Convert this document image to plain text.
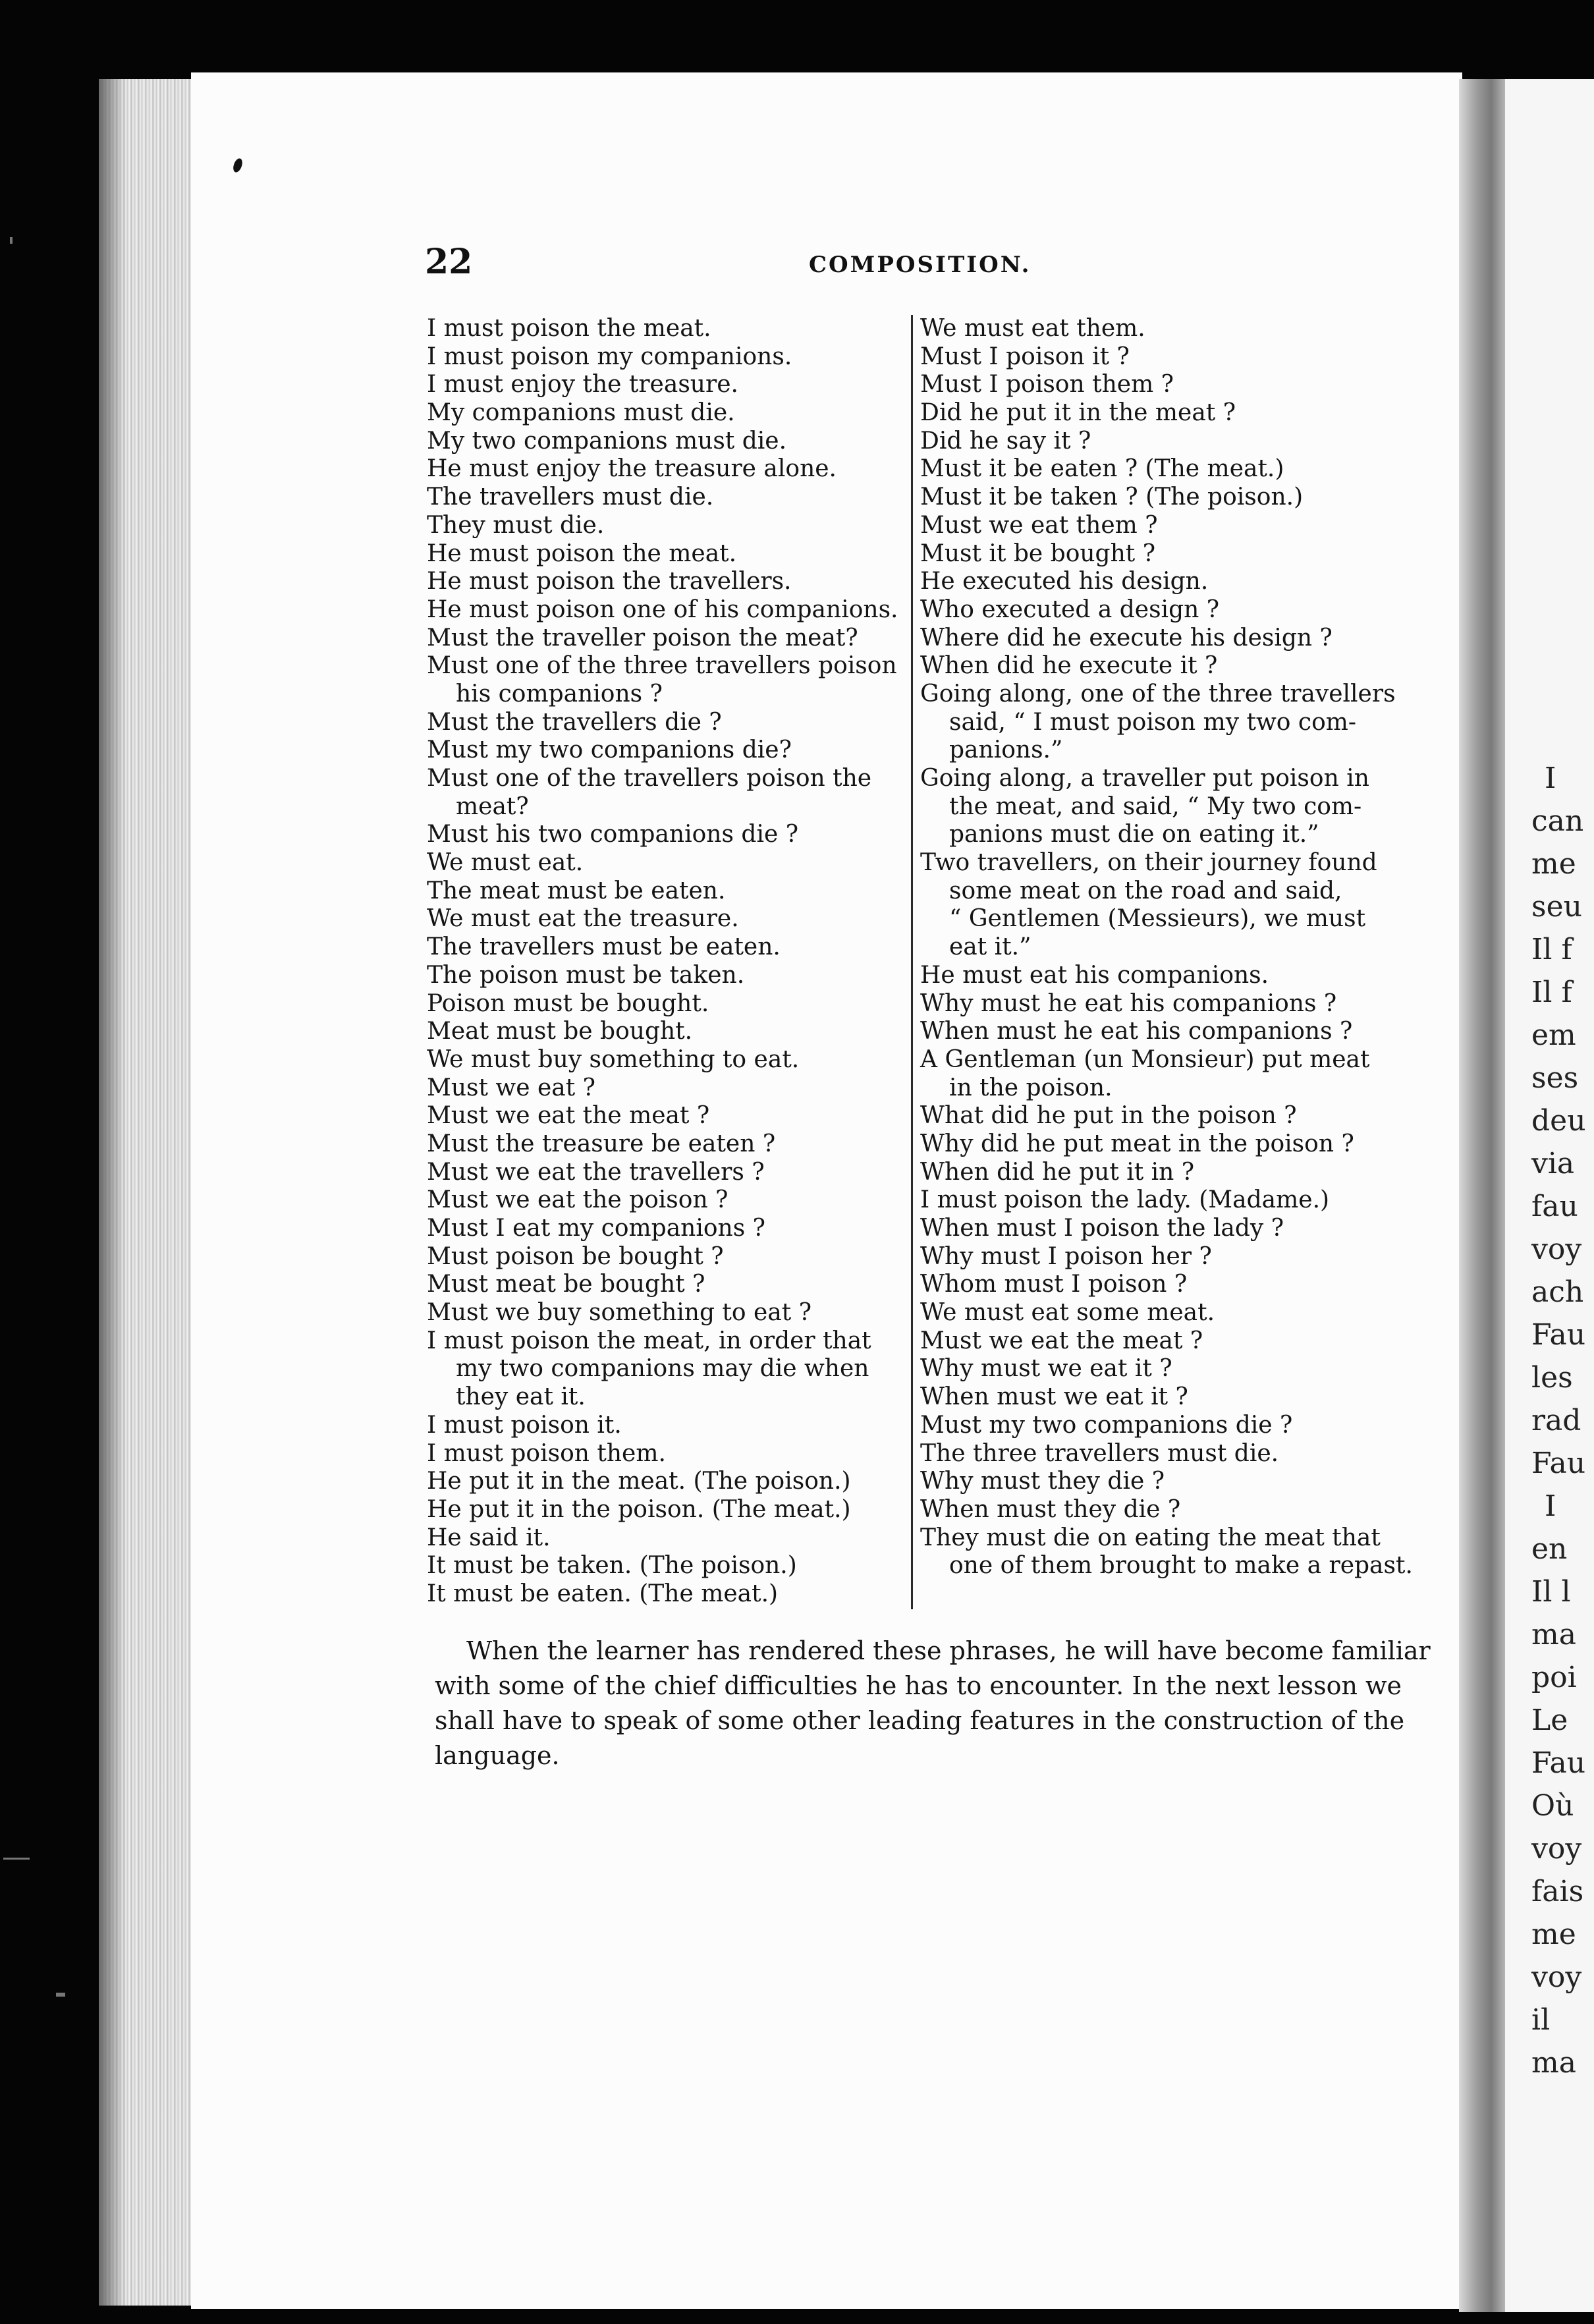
22	COMPOSITION.
I must poison the meat.
I must poison my companions.
I must enjoy the treasure.
My companions must die.
My two companions must die.
He must enjoy the treasure alone.
The travellers must die.
They must die.
He must poison the meat.
He must poison the travellers.
He must poison one of his companions.
Must the traveller poison the meat?
Must one of the three travellers poison
his companions ?
Must the travellers die ?
Must my two companions die?
Must one of the travellers poison the
meat?
Must his two companions die ?
We must eat.
The meat must be eaten.
We must eat the treasure.
The travellers must be eaten.
The poison must be taken.
Poison must be bought.
Meat must be bought.
We must buy something to eat.
Must we eat ?
Must we eat the meat ?
Must the treasure be eaten ?
Must we eat the travellers ?
Must we eat the poison ?
Must I eat my companions ?
Must poison be bought ?
Must meat be bought ?
Must we buy something to eat ?
I must poison the meat, in order that
my two companions may die when
they eat it.
I must poison it.
I must poison them.
He put it in the meat. (The poison.)
He put it in the poison. (The meat.)
He said it.
It must be taken. (The poison.)
It must be eaten. (The meat.)
We must eat them.
Must I poison it ?
Must I poison them ?
Did he put it in the meat ?
Did he say it ?
Must it be eaten ? (The meat.)
Must it be taken ? (The poison.)
Must we eat them ?
Must it be bought ?
He executed his design.
Who executed a design ?
Where did he execute his design ?
When did he execute it ?
Going along, one of the three travellers
said, “ I must poison my two com-
panions.”
Going along, a traveller put poison in
the meat, and said, “ My two com-
panions must die on eating it.”
Two travellers, on their journey found
some meat on the road and said,
“ Gentlemen (Messieurs), we must
eat it.”
He must eat his companions.
Why must he eat his companions ?
When must he eat his companions ?
A Gentleman (un Monsieur) put meat
in the poison.
What did he put in the poison ?
Why did he put meat in the poison ?
When did he put it in ?
I must poison the lady. (Madame.)
When must I poison the lady ?
Why must I poison her ?
Whom must I poison ?
We must eat some meat.
Must we eat the meat ?
Why must we eat it ?
When must we eat it ?
Must my two companions die ?
The three travellers must die.
Why must they die ?
When must they die ?
They must die on eating the meat that
one of them brought to make a repast.
When the learner has rendered these phrases, he will have become familiar
with some of the chief difficulties he has to encounter. In the next lesson we
shall have to speak of some other leading features in the construction of the
language.
I
can
me
seu
Il f
Il f
em
ses
deu
via
fau
voy
ach
Fau
les
rad
Fau
I
en
Il l
ma
poi
Le
Fau
Où
voy
fais
me
voy
il
ma
